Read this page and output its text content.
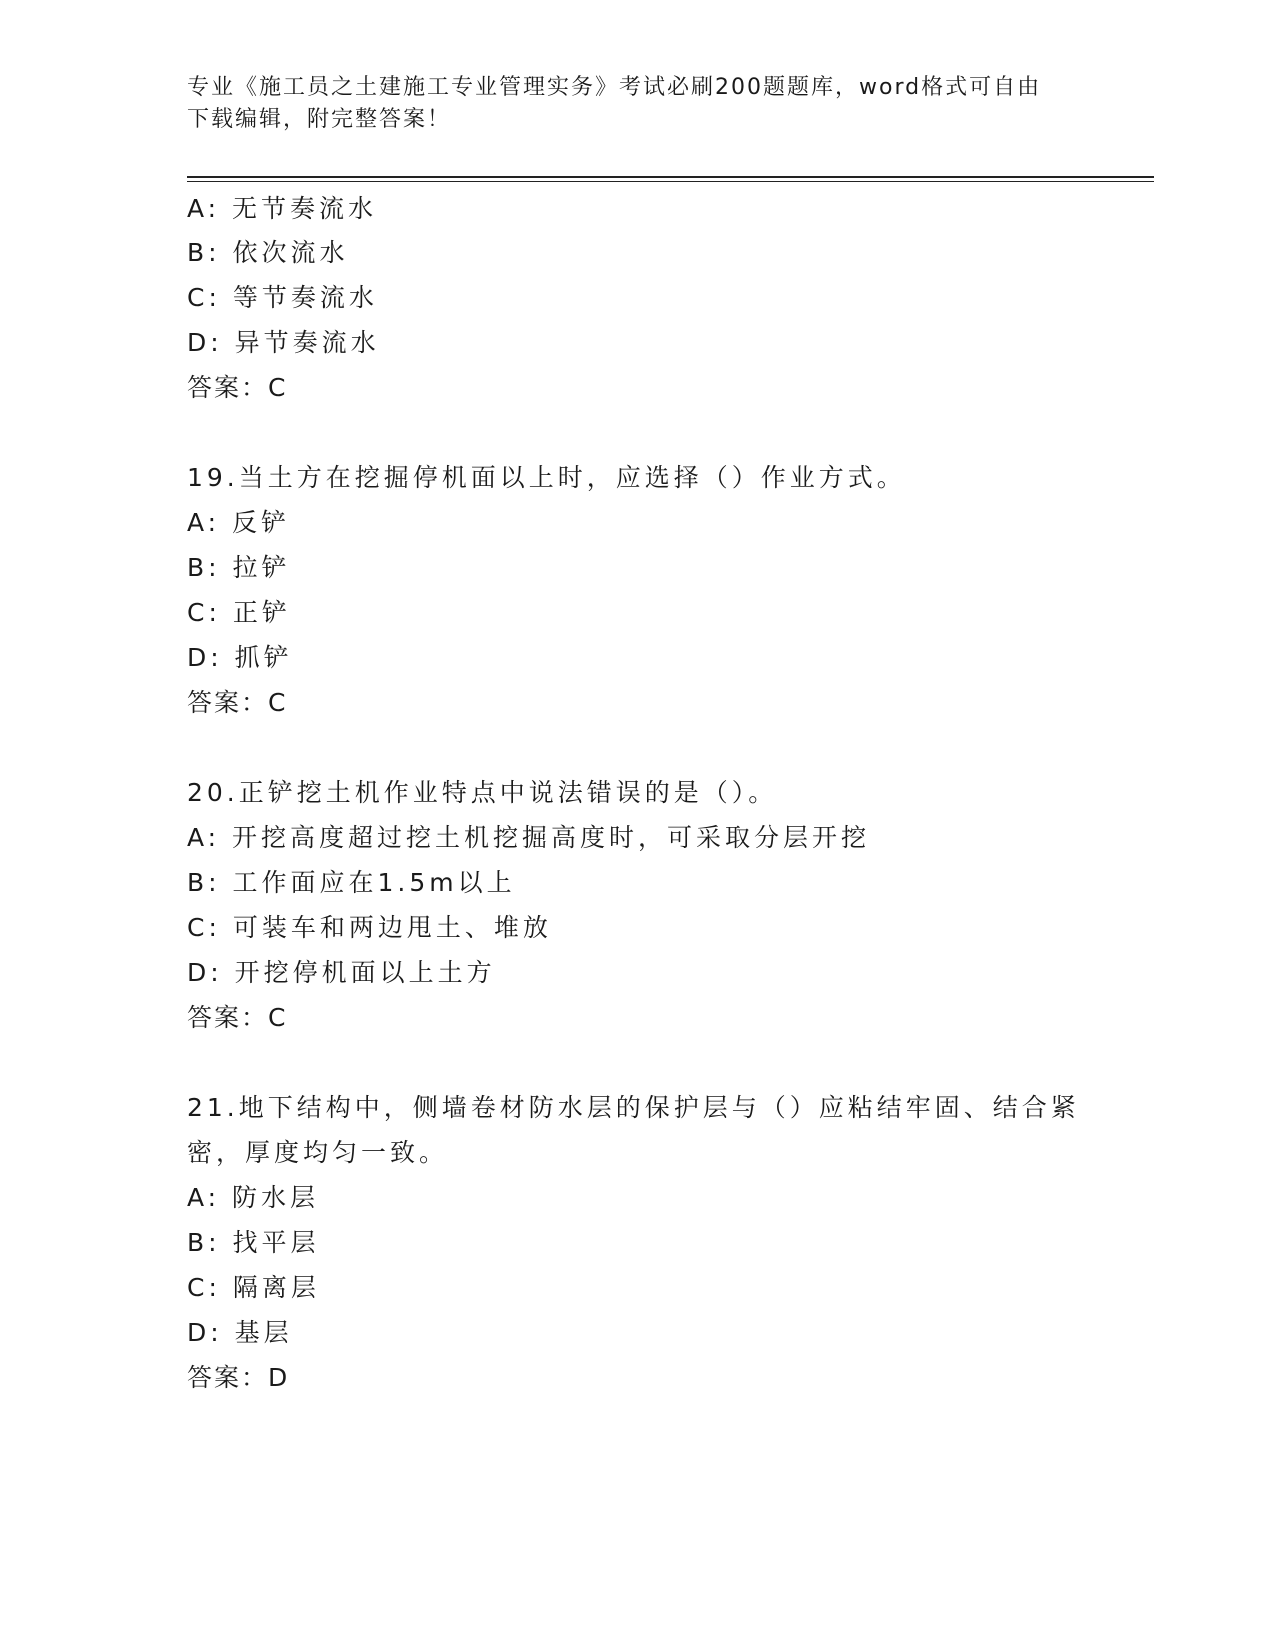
专业《施工员之土建施工专业管理实务》考试必刷200题题库，word格式可自由
下载编辑，附完整答案！
A: 无节奏流水
B: 依次流水
C: 等节奏流水
D: 异节奏流水
答案：C
19.当土方在挖掘停机面以上时，应选择（）作业方式。
A: 反铲
B: 拉铲
C: 正铲
D: 抓铲
答案：C
20.正铲挖土机作业特点中说法错误的是（）。
A: 开挖高度超过挖土机挖掘高度时，可采取分层开挖
B: 工作面应在1.5m以上
C: 可装车和两边甩土、堆放
D: 开挖停机面以上土方
答案：C
21.地下结构中，侧墙卷材防水层的保护层与（）应粘结牢固、结合紧
密，厚度均匀一致。
A: 防水层
B: 找平层
C: 隔离层
D: 基层
答案：D
